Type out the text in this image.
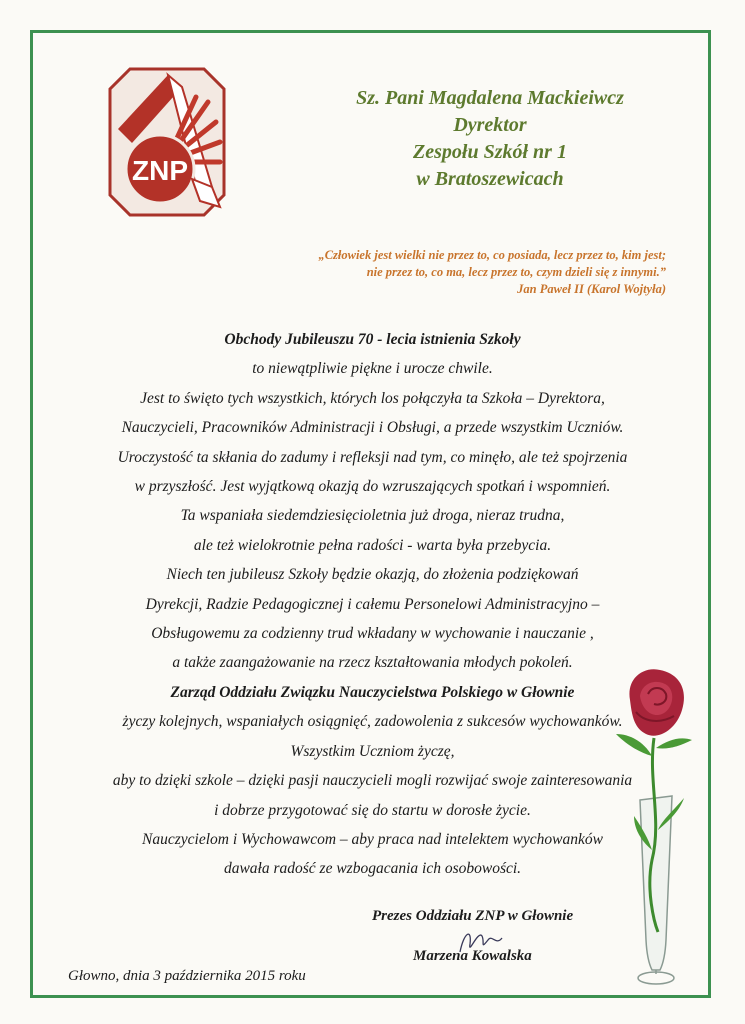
ZNP
Sz. Pani Magdalena Mackieiwcz
Dyrektor
Zespołu Szkół nr 1
w Bratoszewicach
„Człowiek jest wielki nie przez to, co posiada, lecz przez to, kim jest;
nie przez to, co ma, lecz przez to, czym dzieli się z innymi.”
Jan Paweł II (Karol Wojtyła)
Obchody Jubileuszu 70 - lecia istnienia Szkoły
to niewątpliwie piękne i urocze chwile.
Jest to święto tych wszystkich, których los połączyła ta Szkoła – Dyrektora,
Nauczycieli, Pracowników Administracji i Obsługi, a przede wszystkim Uczniów.
Uroczystość ta skłania do zadumy i refleksji nad tym, co minęło, ale też spojrzenia
w przyszłość. Jest wyjątkową okazją do wzruszających spotkań i wspomnień.
Ta wspaniała siedemdziesięcioletnia już droga, nieraz trudna,
ale też wielokrotnie pełna radości - warta była przebycia.
Niech ten jubileusz Szkoły będzie okazją, do złożenia podziękowań
Dyrekcji, Radzie Pedagogicznej i całemu Personelowi Administracyjno –
Obsługowemu za codzienny trud wkładany w wychowanie i nauczanie ,
a także zaangażowanie na rzecz kształtowania młodych pokoleń.
Zarząd Oddziału Związku Nauczycielstwa Polskiego w Głownie
życzy kolejnych, wspaniałych osiągnięć, zadowolenia z sukcesów wychowanków.
Wszystkim Uczniom życzę,
aby to dzięki szkole – dzięki pasji nauczycieli mogli rozwijać swoje zainteresowania
i dobrze przygotować się do startu w dorosłe życie.
Nauczycielom i Wychowawcom – aby praca nad intelektem wychowanków
dawała radość ze wzbogacania ich osobowości.
Prezes Oddziału ZNP w Głownie
Marzena Kowalska
Głowno, dnia 3 października 2015 roku
